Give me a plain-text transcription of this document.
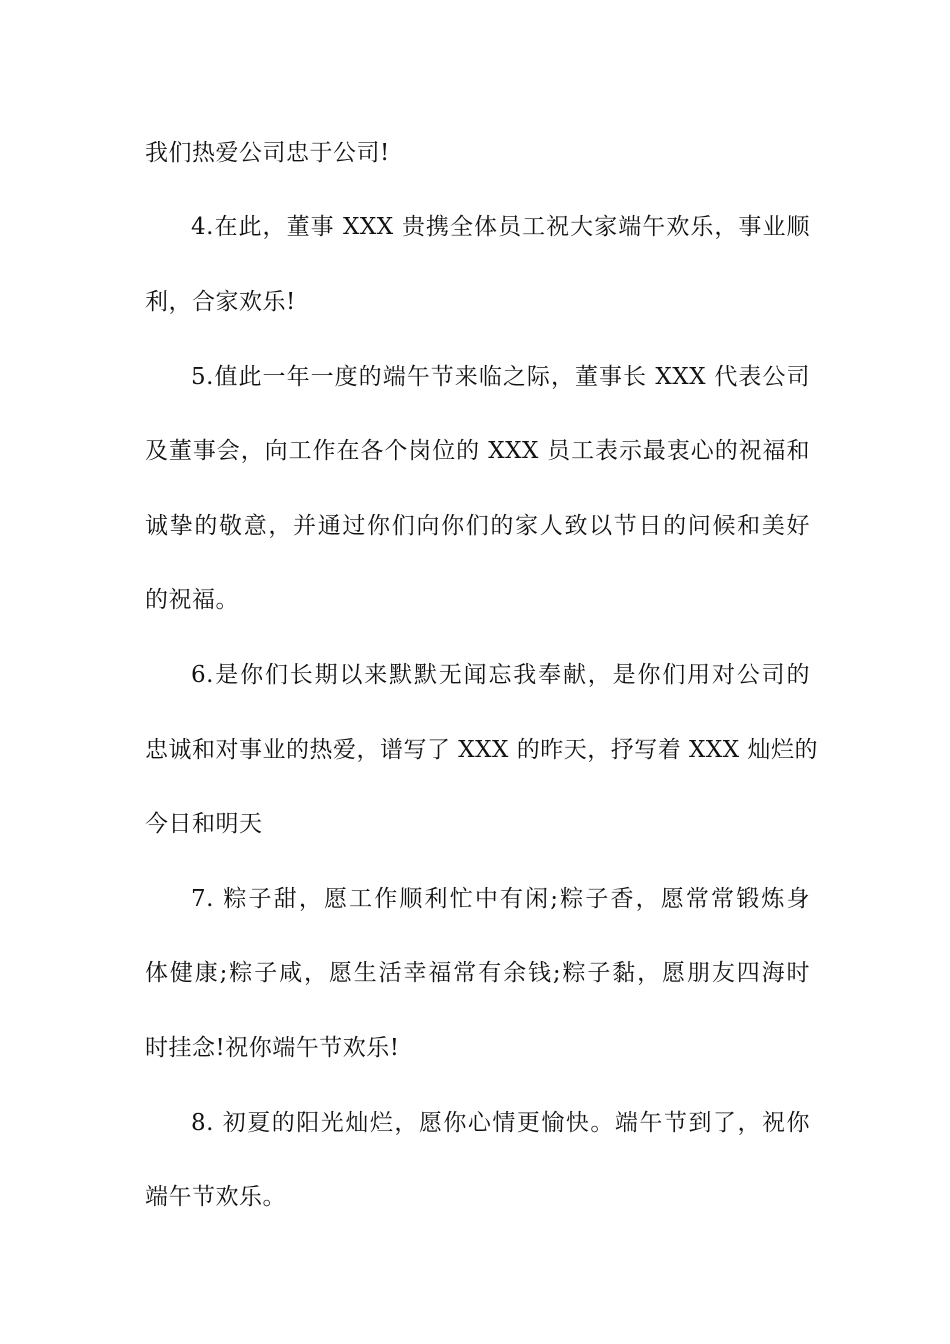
我们热爱公司忠于公司!
4.在此，董事 XXX 贵携全体员工祝大家端午欢乐，事业顺
利，合家欢乐!
5.值此一年一度的端午节来临之际，董事长 XXX 代表公司
及董事会，向工作在各个岗位的 XXX 员工表示最衷心的祝福和
诚挚的敬意，并通过你们向你们的家人致以节日的问候和美好
的祝福。
6.是你们长期以来默默无闻忘我奉献，是你们用对公司的
忠诚和对事业的热爱，谱写了 XXX 的昨天，抒写着 XXX 灿烂的
今日和明天
7. 粽子甜，愿工作顺利忙中有闲;粽子香，愿常常锻炼身
体健康;粽子咸，愿生活幸福常有余钱;粽子黏，愿朋友四海时
时挂念!祝你端午节欢乐!
8. 初夏的阳光灿烂，愿你心情更愉快。端午节到了，祝你
端午节欢乐。
